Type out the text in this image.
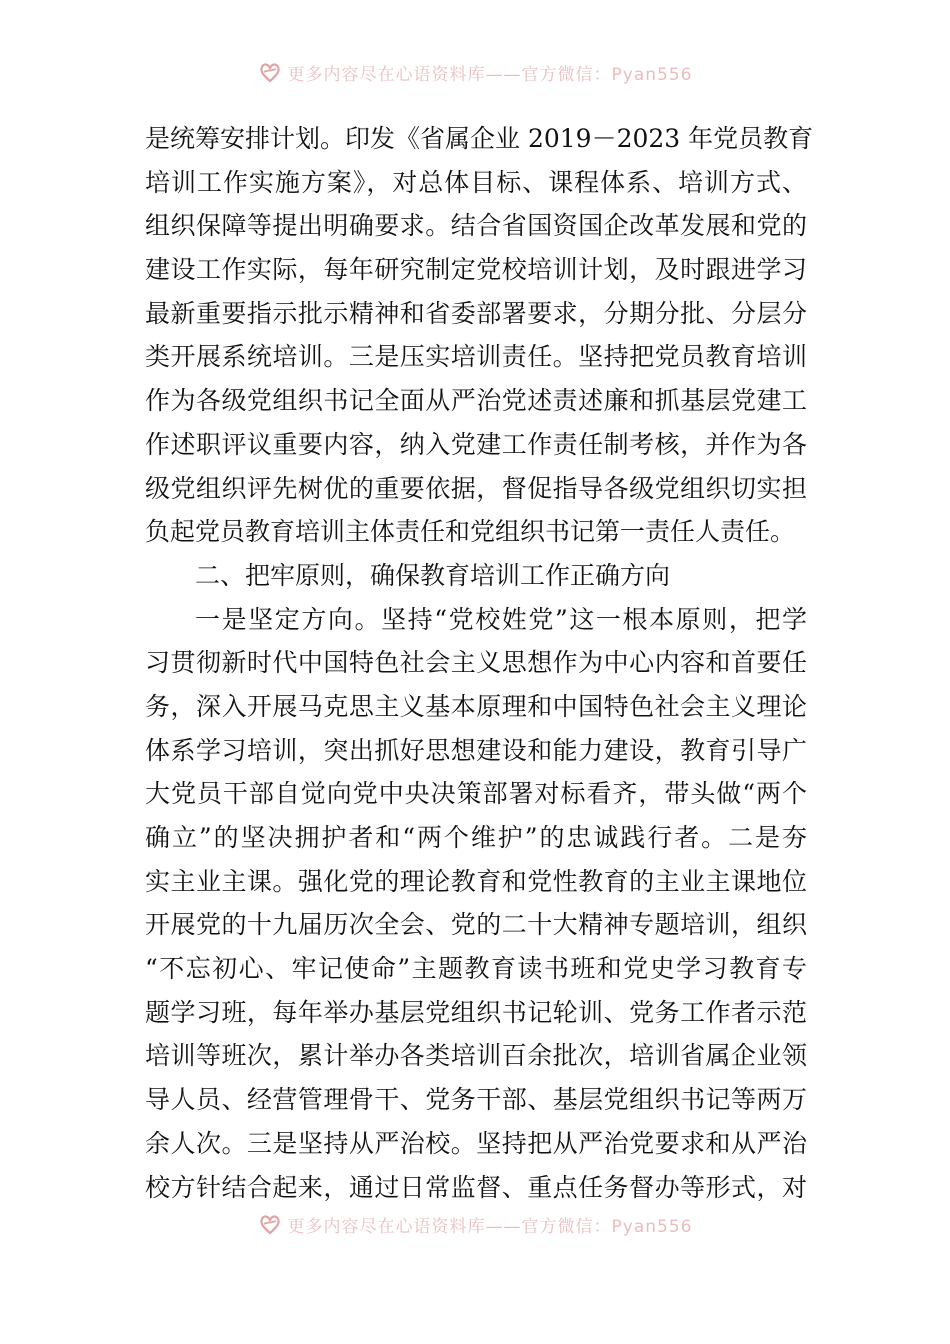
更多内容尽在心语资料库——官方微信：Pyan556
是统筹安排计划。印发《省属企业 2019－2023 年党员教育
培训工作实施方案》，对总体目标、课程体系、培训方式、
组织保障等提出明确要求。结合省国资国企改革发展和党的
建设工作实际，每年研究制定党校培训计划，及时跟进学习
最新重要指示批示精神和省委部署要求，分期分批、分层分
类开展系统培训。三是压实培训责任。坚持把党员教育培训
作为各级党组织书记全面从严治党述责述廉和抓基层党建工
作述职评议重要内容，纳入党建工作责任制考核，并作为各
级党组织评先树优的重要依据，督促指导各级党组织切实担
负起党员教育培训主体责任和党组织书记第一责任人责任。
二、把牢原则，确保教育培训工作正确方向
一是坚定方向。坚持“党校姓党”这一根本原则，把学
习贯彻新时代中国特色社会主义思想作为中心内容和首要任
务，深入开展马克思主义基本原理和中国特色社会主义理论
体系学习培训，突出抓好思想建设和能力建设，教育引导广
大党员干部自觉向党中央决策部署对标看齐，带头做“两个
确立”的坚决拥护者和“两个维护”的忠诚践行者。二是夯
实主业主课。强化党的理论教育和党性教育的主业主课地位
开展党的十九届历次全会、党的二十大精神专题培训，组织
“不忘初心、牢记使命”主题教育读书班和党史学习教育专
题学习班，每年举办基层党组织书记轮训、党务工作者示范
培训等班次，累计举办各类培训百余批次，培训省属企业领
导人员、经营管理骨干、党务干部、基层党组织书记等两万
余人次。三是坚持从严治校。坚持把从严治党要求和从严治
校方针结合起来，通过日常监督、重点任务督办等形式，对
更多内容尽在心语资料库——官方微信：Pyan556
